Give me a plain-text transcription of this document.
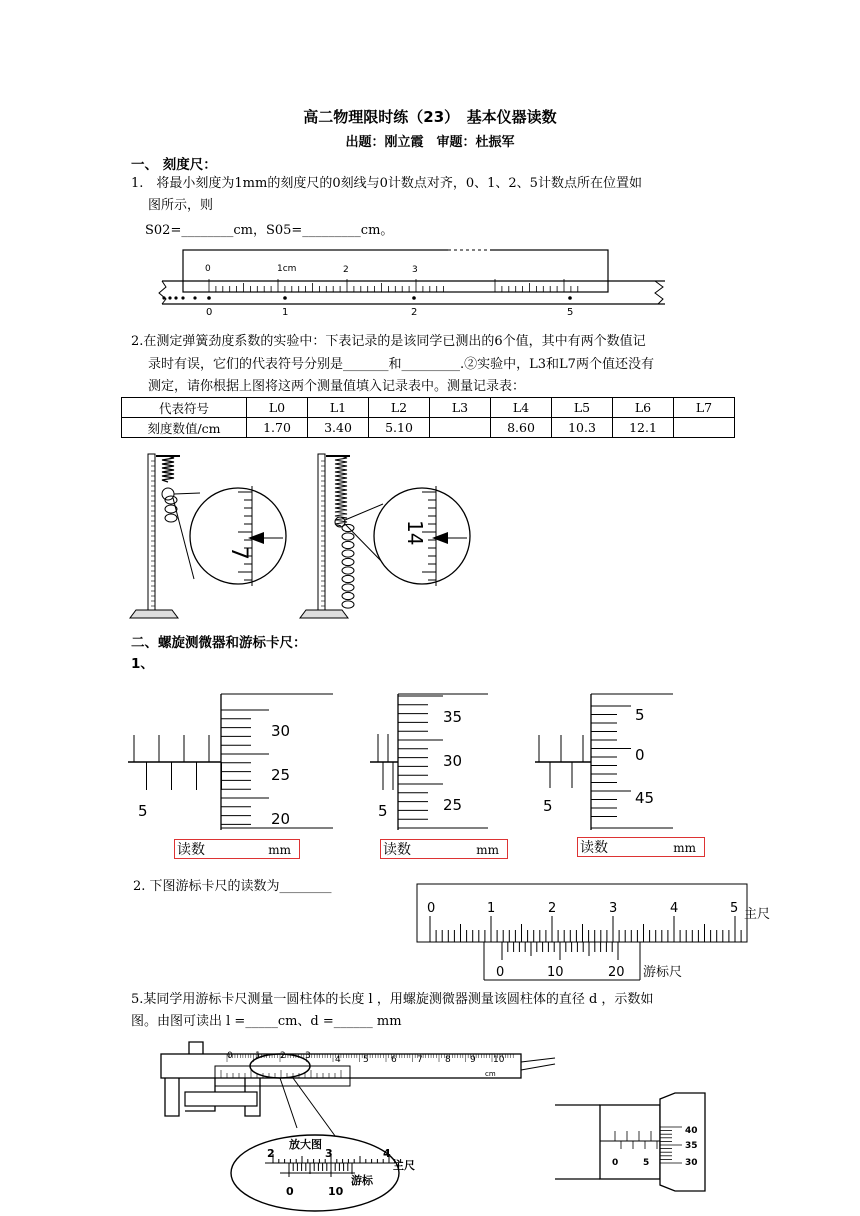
高二物理限时练（23）　基本仪器读数
出题：刚立霞　审题：杜振军
一、 刻度尺：
1.　将最小刻度为1mm的刻度尺的0刻线与0计数点对齐，0、1、2、5计数点所在位置如
图所示，则
S02=________cm，S05=_________cm。
0	1cm	2	3
0	1	2	5
2.在测定弹簧劲度系数的实验中：下表记录的是该同学已测出的6个值，其中有两个数值记
录时有误，它们的代表符号分别是_______和_________.②实验中，L3和L7两个值还没有
测定，请你根据上图将这两个测量值填入记录表中。测量记录表：
代表符号	L0	L1	L2	L3	L4	L5	L6	L7
刻度数值/cm	1.70	3.40	5.10		8.60	10.3	12.1	
7
14
二、螺旋测微器和游标卡尺：
1、
5
30
25
20
读数	mm
5
35
30
25
读数	mm
5
5
0
45
读数	mm
2. 下图游标卡尺的读数为________
0	1	2	3	4	5 主尺
0	10	20 游标尺
5.某同学用游标卡尺测量一圆柱体的长度 l ，用螺旋测微器测量该圆柱体的直径 d ，示数如
图。由图可读出 l =_____cm、d =______ mm
0 1 2 3	4 5 6 7 8 9 10
cm
放大图
2	3	4
主尺
0	10
游标
0	5
40
35
30
